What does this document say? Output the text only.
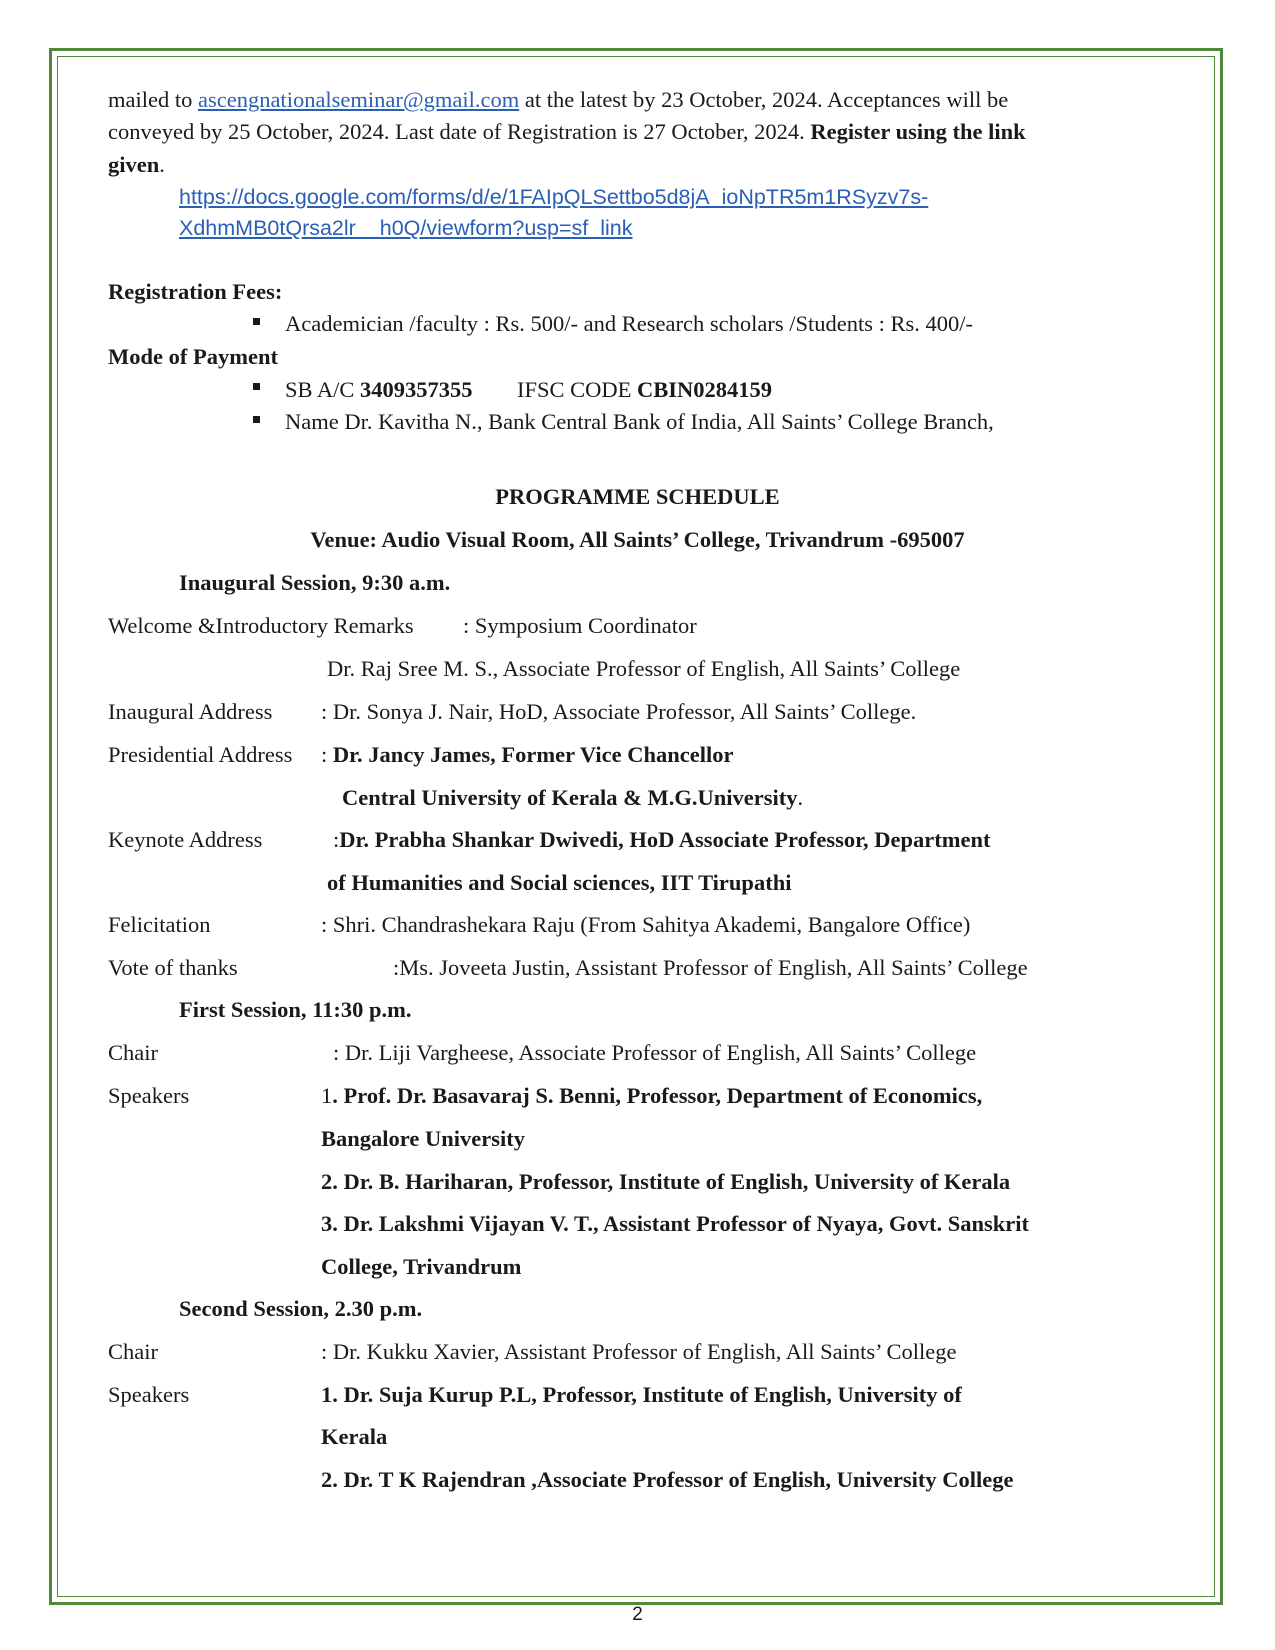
mailed to ascengnationalseminar@gmail.com at the latest by 23 October, 2024. Acceptances will be
conveyed by 25 October, 2024. Last date of Registration is 27 October, 2024. Register using the link
given.
https://docs.google.com/forms/d/e/1FAIpQLSettbo5d8jA_ioNpTR5m1RSyzv7s-
XdhmMB0tQrsa2lr__h0Q/viewform?usp=sf_link
Registration Fees:
Academician /faculty : Rs. 500/- and Research scholars /Students : Rs. 400/-
Mode of Payment
SB A/C 3409357355 IFSC CODE CBIN0284159
Name Dr. Kavitha N., Bank Central Bank of India, All Saints’ College Branch,
PROGRAMME SCHEDULE
Venue: Audio Visual Room, All Saints’ College, Trivandrum -695007
Inaugural Session, 9:30 a.m.
Welcome &Introductory Remarks : Symposium Coordinator
Dr. Raj Sree M. S., Associate Professor of English, All Saints’ College
Inaugural Address : Dr. Sonya J. Nair, HoD, Associate Professor, All Saints’ College.
Presidential Address : Dr. Jancy James, Former Vice Chancellor
Central University of Kerala & M.G.University.
Keynote Address	:Dr. Prabha Shankar Dwivedi, HoD Associate Professor, Department
of Humanities and Social sciences, IIT Tirupathi
Felicitation	: Shri. Chandrashekara Raju (From Sahitya Akademi, Bangalore Office)
Vote of thanks	:Ms. Joveeta Justin, Assistant Professor of English, All Saints’ College
First Session, 11:30 p.m.
Chair	: Dr. Liji Vargheese, Associate Professor of English, All Saints’ College
Speakers	1. Prof. Dr. Basavaraj S. Benni, Professor, Department of Economics,
Bangalore University
2. Dr. B. Hariharan, Professor, Institute of English, University of Kerala
3. Dr. Lakshmi Vijayan V. T., Assistant Professor of Nyaya, Govt. Sanskrit
College, Trivandrum
Second Session, 2.30 p.m.
Chair	: Dr. Kukku Xavier, Assistant Professor of English, All Saints’ College
Speakers	1. Dr. Suja Kurup P.L, Professor, Institute of English, University of
Kerala
2. Dr. T K Rajendran ,Associate Professor of English, University College
2
